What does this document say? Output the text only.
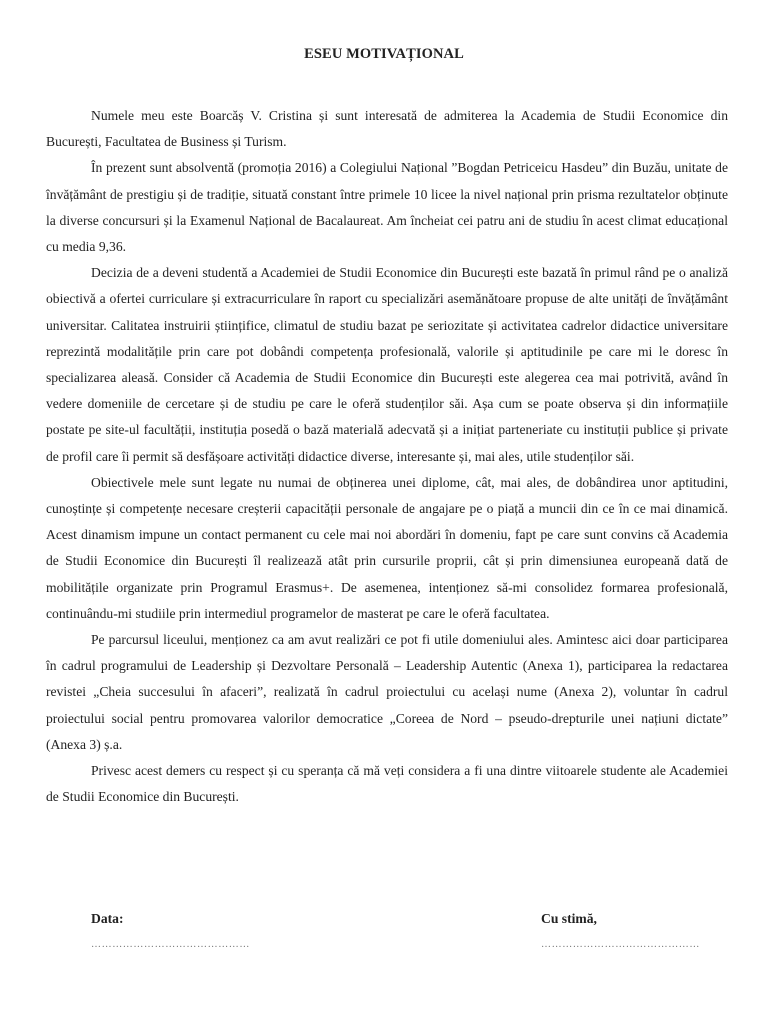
ESEU MOTIVAȚIONAL

Numele meu este Boarcăș V. Cristina și sunt interesată de admiterea la Academia de Studii Economice din București, Facultatea de Business și Turism.

În prezent sunt absolventă (promoția 2016) a Colegiului Național ”Bogdan Petriceicu Hasdeu” din Buzău, unitate de învățământ de prestigiu și de tradiție, situată constant între primele 10 licee la nivel național prin prisma rezultatelor obținute la diverse concursuri și la Examenul Național de Bacalaureat. Am încheiat cei patru ani de studiu în acest climat educațional cu media 9,36.

Decizia de a deveni studentă a Academiei de Studii Economice din București este bazată în primul rând pe o analiză obiectivă a ofertei curriculare și extracurriculare în raport cu specializări asemănătoare propuse de alte unități de învățământ universitar. Calitatea instruirii științifice, climatul de studiu bazat pe seriozitate și activitatea cadrelor didactice universitare reprezintă modalitățile prin care pot dobândi competența profesională, valorile și aptitudinile pe care mi le doresc în specializarea aleasă. Consider că Academia de Studii Economice din București este alegerea cea mai potrivită, având în vedere domeniile de cercetare și de studiu pe care le oferă studenților săi. Așa cum se poate observa și din informațiile postate pe site-ul facultății, instituția posedă o bază materială adecvată și a inițiat parteneriate cu instituții publice și private de profil care îi permit să desfășoare activități didactice diverse, interesante și, mai ales, utile studenților săi.

Obiectivele mele sunt legate nu numai de obținerea unei diplome, cât, mai ales, de dobândirea unor aptitudini, cunoștințe și competențe necesare creșterii capacității personale de angajare pe o piață a muncii din ce în ce mai dinamică. Acest dinamism impune un contact permanent cu cele mai noi abordări în domeniu, fapt pe care sunt convins că Academia de Studii Economice din București îl realizează atât prin cursurile proprii, cât și prin dimensiunea europeană dată de mobilitățile organizate prin Programul Erasmus+. De asemenea, intenționez să-mi consolidez formarea profesională, continuându-mi studiile prin intermediul programelor de masterat pe care le oferă facultatea.

Pe parcursul liceului, menționez ca am avut realizări ce pot fi utile domeniului ales. Amintesc aici doar participarea în cadrul programului de Leadership și Dezvoltare Personală – Leadership Autentic (Anexa 1), participarea la redactarea revistei „Cheia succesului în afaceri”, realizată în cadrul proiectului cu același nume (Anexa 2), voluntar în cadrul proiectului social pentru promovarea valorilor democratice „Coreea de Nord – pseudo-drepturile unei națiuni dictate” (Anexa 3) ș.a.

Privesc acest demers cu respect și cu speranța că mă veți considera a fi una dintre viitoarele studente ale Academiei de Studii Economice din București.

Data:	Cu stimă,
………………………………………	………………………………………
